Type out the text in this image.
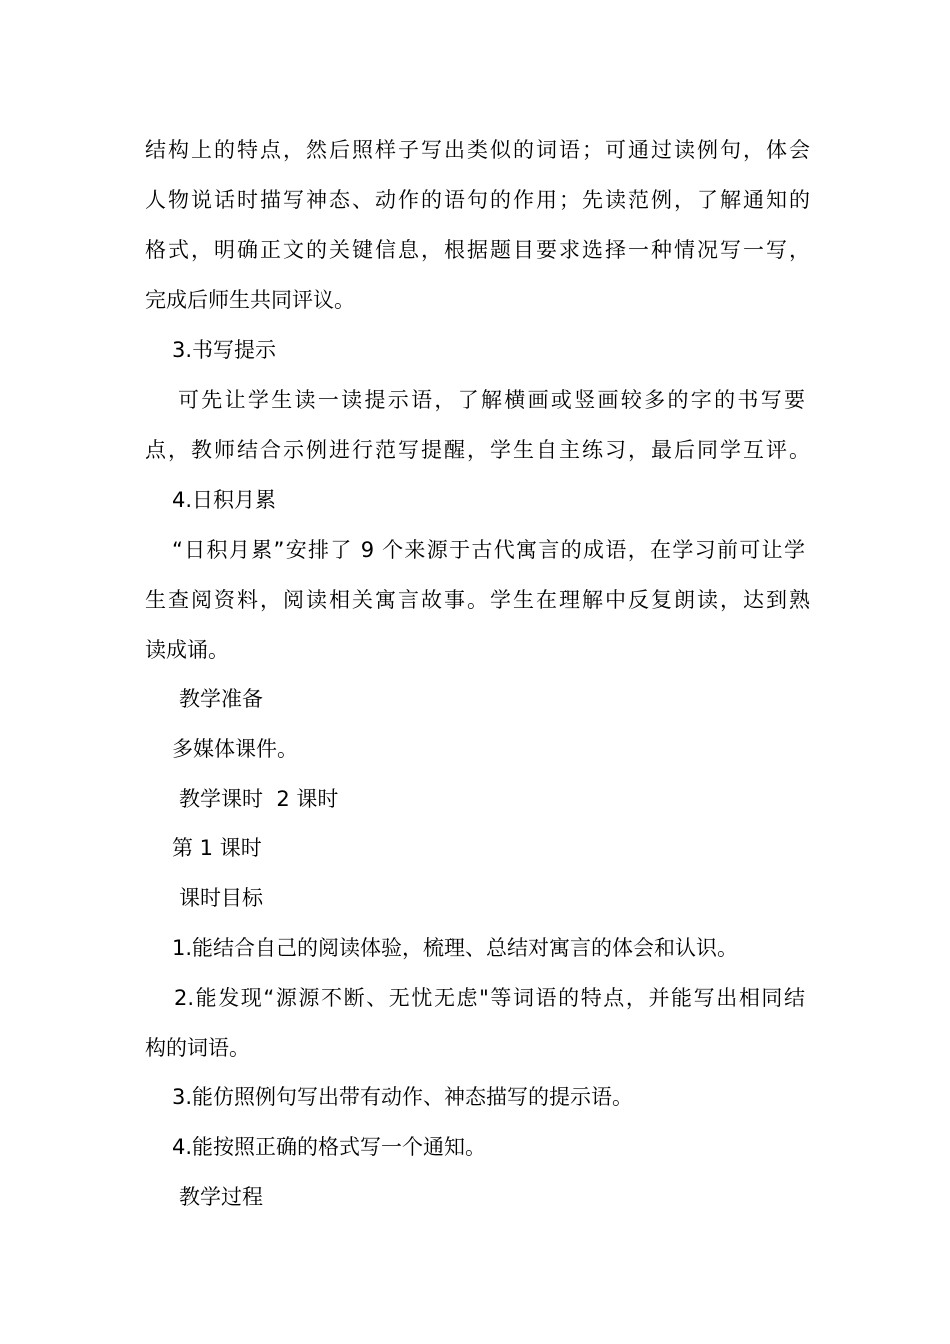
结构上的特点，然后照样子写出类似的词语；可通过读例句，体会
人物说话时描写神态、动作的语句的作用；先读范例，了解通知的
格式，明确正文的关键信息，根据题目要求选择一种情况写一写，
完成后师生共同评议。
3.书写提示
可先让学生读一读提示语，了解横画或竖画较多的字的书写要
点，教师结合示例进行范写提醒，学生自主练习，最后同学互评。
4.日积月累
“日积月累”安排了 9 个来源于古代寓言的成语，在学习前可让学
生查阅资料，阅读相关寓言故事。学生在理解中反复朗读，达到熟
读成诵。
教学准备
多媒体课件。
教学课时  2 课时
第 1 课时
课时目标
1.能结合自己的阅读体验，梳理、总结对寓言的体会和认识。
2.能发现“源源不断、无忧无虑"等词语的特点，并能写出相同结
构的词语。
3.能仿照例句写出带有动作、神态描写的提示语。
4.能按照正确的格式写一个通知。
教学过程
